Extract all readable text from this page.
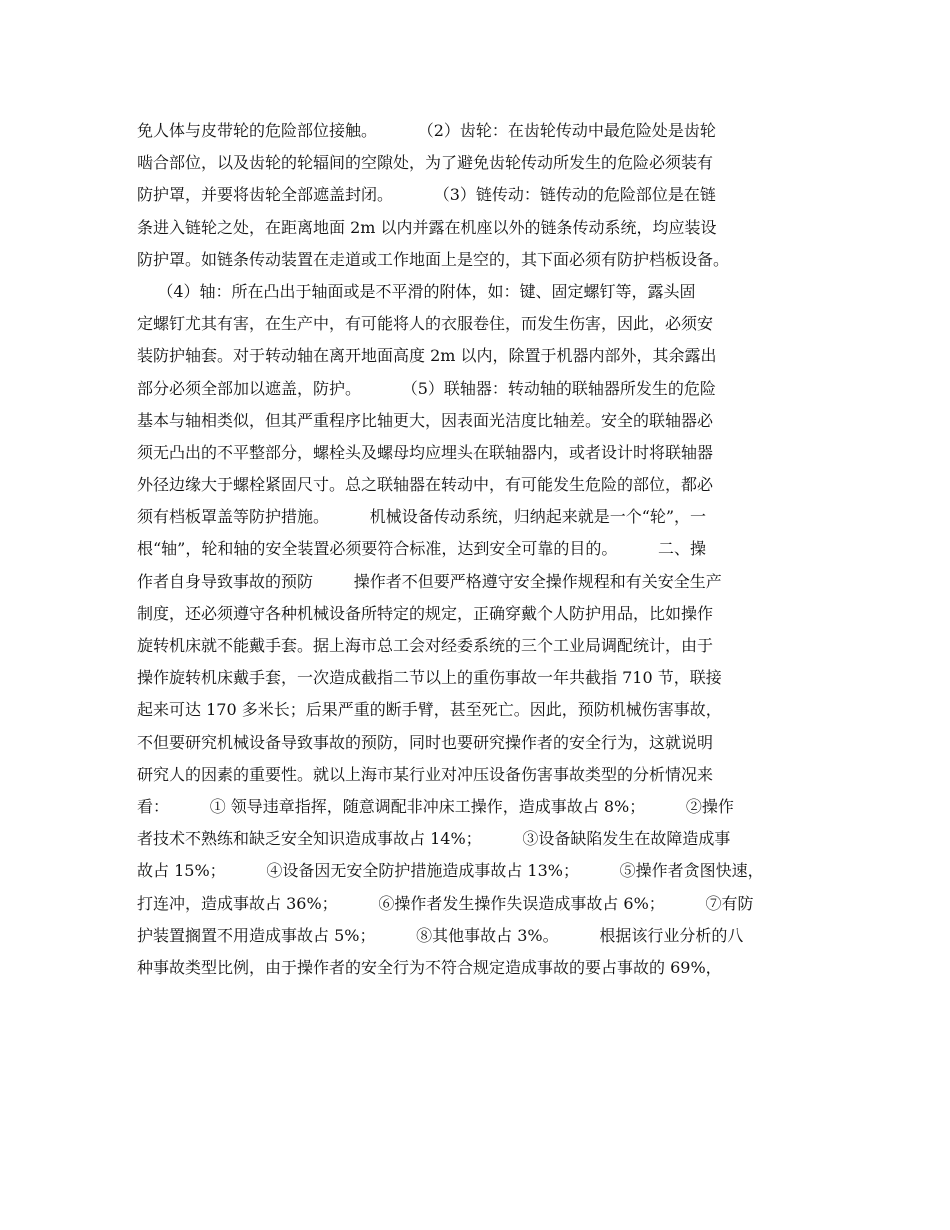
免人体与皮带轮的危险部位接触。        （2）齿轮：在齿轮传动中最危险处是齿轮
啮合部位，以及齿轮的轮辐间的空隙处，为了避免齿轮传动所发生的危险必须装有
防护罩，并要将齿轮全部遮盖封闭。        （3）链传动：链传动的危险部位是在链
条进入链轮之处，在距离地面 2m 以内并露在机座以外的链条传动系统，均应装设
防护罩。如链条传动装置在走道或工作地面上是空的，其下面必须有防护档板设备。
（4）轴：所在凸出于轴面或是不平滑的附体，如：键、固定螺钉等，露头固
定螺钉尤其有害，在生产中，有可能将人的衣服卷住，而发生伤害，因此，必须安
装防护轴套。对于转动轴在离开地面高度 2m 以内，除置于机器内部外，其余露出
部分必须全部加以遮盖，防护。        （5）联轴器：转动轴的联轴器所发生的危险
基本与轴相类似，但其严重程序比轴更大，因表面光洁度比轴差。安全的联轴器必
须无凸出的不平整部分，螺栓头及螺母均应埋头在联轴器内，或者设计时将联轴器
外径边缘大于螺栓紧固尺寸。总之联轴器在转动中，有可能发生危险的部位，都必
须有档板罩盖等防护措施。        机械设备传动系统，归纳起来就是一个“轮”，一
根“轴”，轮和轴的安全装置必须要符合标准，达到安全可靠的目的。        二、操
作者自身导致事故的预防        操作者不但要严格遵守安全操作规程和有关安全生产
制度，还必须遵守各种机械设备所特定的规定，正确穿戴个人防护用品，比如操作
旋转机床就不能戴手套。据上海市总工会对经委系统的三个工业局调配统计，由于
操作旋转机床戴手套，一次造成截指二节以上的重伤事故一年共截指 710 节，联接
起来可达 170 多米长；后果严重的断手臂，甚至死亡。因此，预防机械伤害事故，
不但要研究机械设备导致事故的预防，同时也要研究操作者的安全行为，这就说明
研究人的因素的重要性。就以上海市某行业对冲压设备伤害事故类型的分析情况来
看：        ① 领导违章指挥，随意调配非冲床工操作，造成事故占 8%；        ②操作
者技术不熟练和缺乏安全知识造成事故占 14%；        ③设备缺陷发生在故障造成事
故占 15%；        ④设备因无安全防护措施造成事故占 13%；        ⑤操作者贪图快速，
打连冲，造成事故占 36%；        ⑥操作者发生操作失误造成事故占 6%；        ⑦有防
护装置搁置不用造成事故占 5%；        ⑧其他事故占 3%。        根据该行业分析的八
种事故类型比例，由于操作者的安全行为不符合规定造成事故的要占事故的 69%，
